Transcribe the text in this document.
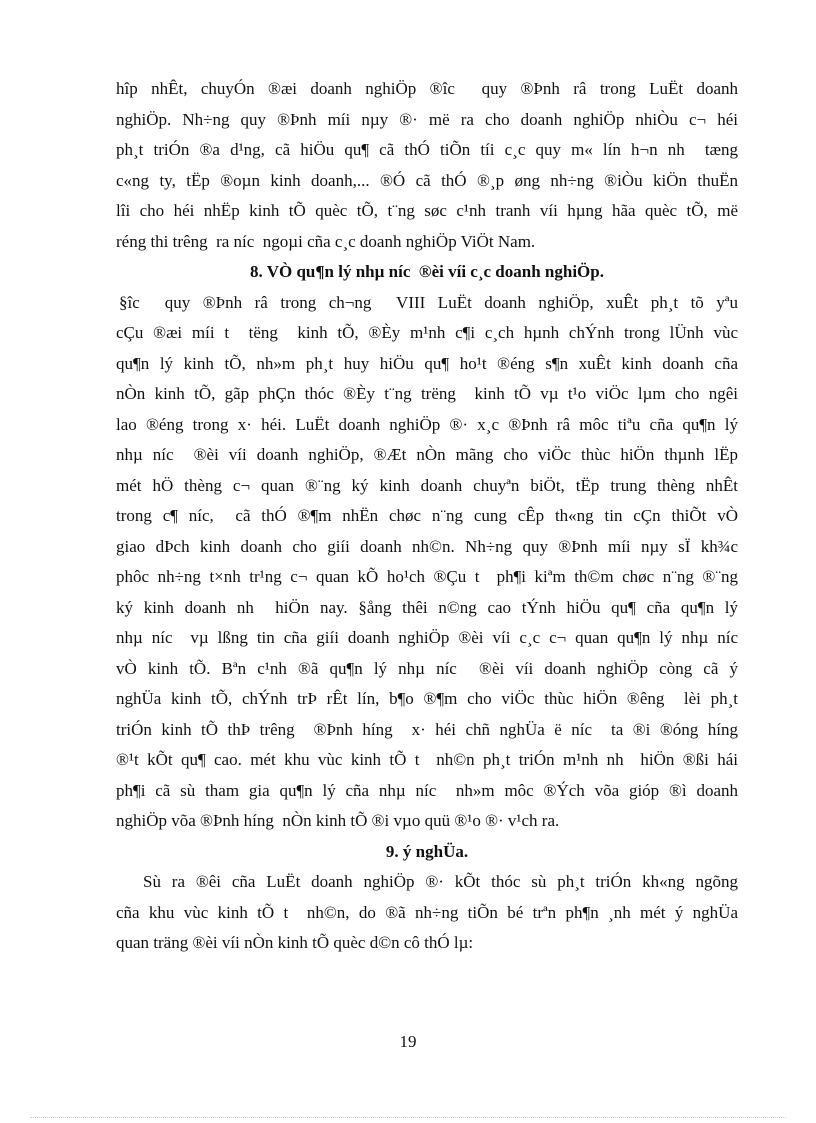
hîp nhÊt, chuyÓn ®æi doanh nghiÖp ®îc  quy ®Þnh râ trong LuËt doanh
nghiÖp. Nh÷ng quy ®Þnh míi nµy ®· më ra cho doanh nghiÖp nhiÒu c¬ héi
ph¸t triÓn ®a d¹ng, cã hiÖu qu¶ cã thÓ tiÕn tíi c¸c quy m« lín h¬n nh  tæng
c«ng ty, tËp ®oµn kinh doanh,... ®Ó cã thÓ ®¸p øng nh÷ng ®iÒu kiÖn thuËn
lîi cho héi nhËp kinh tÕ quèc tÕ, t¨ng søc c¹nh tranh víi hµng hãa quèc tÕ, më
réng thi trêng  ra níc  ngoµi cña c¸c doanh nghiÖp ViÖt Nam.
8. VÒ qu¶n lý nhµ níc  ®èi víi c¸c doanh nghiÖp.
§îc  quy ®Þnh râ trong ch¬ng  VIII LuËt doanh nghiÖp, xuÊt ph¸t tõ yªu
cÇu ®æi míi t  tëng  kinh tÕ, ®Èy m¹nh c¶i c¸ch hµnh chÝnh trong lÜnh vùc
qu¶n lý kinh tÕ, nh»m ph¸t huy hiÖu qu¶ ho¹t ®éng s¶n xuÊt kinh doanh cña
nÒn kinh tÕ, gãp phÇn thóc ®Èy t¨ng trëng  kinh tÕ vµ t¹o viÖc lµm cho ngêi
lao ®éng trong x· héi. LuËt doanh nghiÖp ®· x¸c ®Þnh râ môc tiªu cña qu¶n lý
nhµ níc  ®èi víi doanh nghiÖp, ®Æt nÒn mãng cho viÖc thùc hiÖn thµnh lËp
mét hÖ thèng c¬ quan ®¨ng ký kinh doanh chuyªn biÖt, tËp trung thèng nhÊt
trong c¶ níc,  cã thÓ ®¶m nhËn chøc n¨ng cung cÊp th«ng tin cÇn thiÕt vÒ
giao dÞch kinh doanh cho giíi doanh nh©n. Nh÷ng quy ®Þnh míi nµy sÏ kh¾c
phôc nh÷ng t×nh tr¹ng c¬ quan kÕ ho¹ch ®Çu t  ph¶i kiªm th©m chøc n¨ng ®¨ng
ký kinh doanh nh  hiÖn nay. §ång thêi n©ng cao tÝnh hiÖu qu¶ cña qu¶n lý
nhµ níc  vµ lßng tin cña giíi doanh nghiÖp ®èi víi c¸c c¬ quan qu¶n lý nhµ níc
vÒ kinh tÕ. Bªn c¹nh ®ã qu¶n lý nhµ níc  ®èi víi doanh nghiÖp còng cã ý
nghÜa kinh tÕ, chÝnh trÞ rÊt lín, b¶o ®¶m cho viÖc thùc hiÖn ®êng  lèi ph¸t
triÓn kinh tÕ thÞ trêng  ®Þnh híng  x· héi chñ nghÜa ë níc  ta ®i ®óng híng
®¹t kÕt qu¶ cao. mét khu vùc kinh tÕ t  nh©n ph¸t triÓn m¹nh nh  hiÖn ®ßi hái
ph¶i cã sù tham gia qu¶n lý cña nhµ níc  nh»m môc ®Ých võa gióp ®ì doanh
nghiÖp võa ®Þnh híng  nÒn kinh tÕ ®i vµo quü ®¹o ®· v¹ch ra.
9. ý nghÜa.
Sù ra ®êi cña LuËt doanh nghiÖp ®· kÕt thóc sù ph¸t triÓn kh«ng ngõng
cña khu vùc kinh tÕ t  nh©n, do ®ã nh÷ng tiÕn bé trªn ph¶n ¸nh mét ý nghÜa
quan träng ®èi víi nÒn kinh tÕ quèc d©n cô thÓ lµ:
19
